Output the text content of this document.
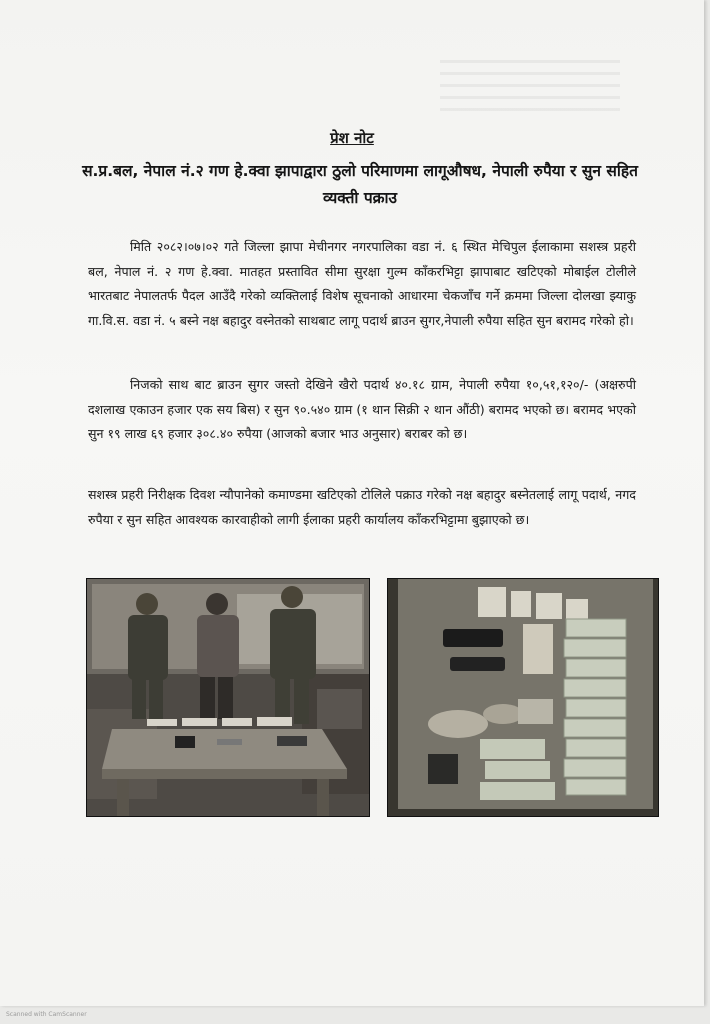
प्रेश नोट
स.प्र.बल, नेपाल नं.२ गण हे.क्वा झापाद्वारा ठुलो परिमाणमा लागूऔषध, नेपाली रुपैया र सुन सहित व्यक्ती पक्राउ
मिति २०८२।०७।०२ गते जिल्ला झापा मेचीनगर नगरपालिका वडा नं. ६ स्थित मेचिपुल ईलाकामा सशस्त्र प्रहरी बल, नेपाल नं. २ गण हे.क्वा. मातहत प्रस्तावित सीमा सुरक्षा गुल्म काँकरभिट्टा झापाबाट खटिएको मोबाईल टोलीले भारतबाट नेपालतर्फ पैदल आउँदै गरेको व्यक्तिलाई विशेष सूचनाको आधारमा चेकजाँच गर्ने क्रममा जिल्ला दोलखा झ्याकु गा.वि.स. वडा नं. ५ बस्ने नक्ष बहादुर वस्नेतको साथबाट लागू पदार्थ ब्राउन सुगर,नेपाली रुपैया सहित सुन बरामद गरेको हो।
निजको साथ बाट ब्राउन सुगर जस्तो देखिने खैरो पदार्थ ४०.१८ ग्राम, नेपाली रुपैया १०,५१,१२०/- (अक्षरुपी दशलाख एकाउन हजार एक सय बिस) र सुन ९०.५४० ग्राम (१ थान सिक्री २ थान औंठी) बरामद भएको छ। बरामद भएको सुन १९ लाख ६९ हजार ३०८.४० रुपैया (आजको बजार भाउ अनुसार) बराबर को छ।
सशस्त्र प्रहरी निरीक्षक दिवश न्यौपानेको कमाण्डमा खटिएको टोलिले पक्राउ गरेको नक्ष बहादुर बस्नेतलाई लागू पदार्थ, नगद रुपैया र सुन सहित आवश्यक कारवाहीको लागी ईलाका प्रहरी कार्यालय काँकरभिट्टामा बुझाएको छ।
Scanned with CamScanner
